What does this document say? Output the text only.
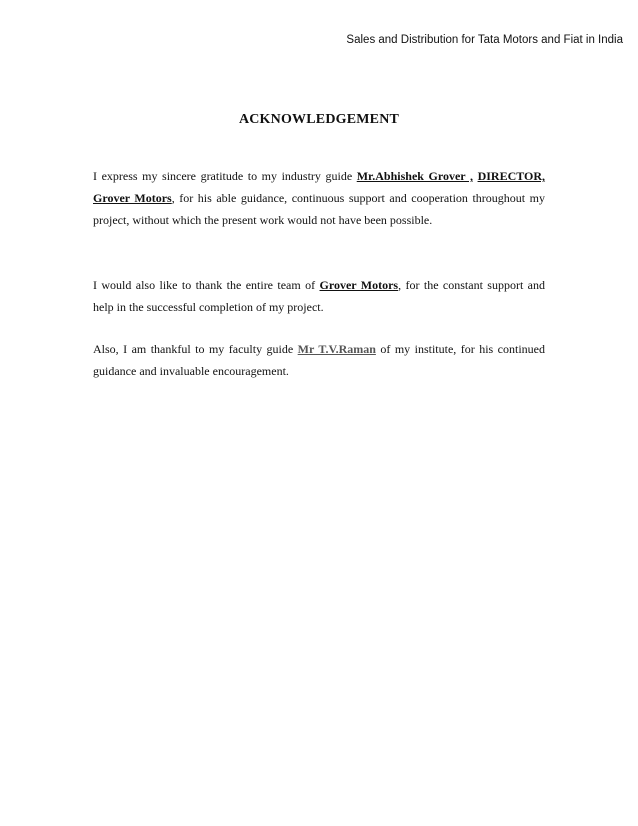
Sales and Distribution for Tata Motors and Fiat in India
ACKNOWLEDGEMENT

I express my sincere gratitude to my industry guide Mr.Abhishek Grover , DIRECTOR, Grover Motors, for his able guidance, continuous support and cooperation throughout my project, without which the present work would not have been possible.

I would also like to thank the entire team of Grover Motors, for the constant support and help in the successful completion of my project.

Also, I am thankful to my faculty guide Mr T.V.Raman of my institute, for his continued guidance and invaluable encouragement.
